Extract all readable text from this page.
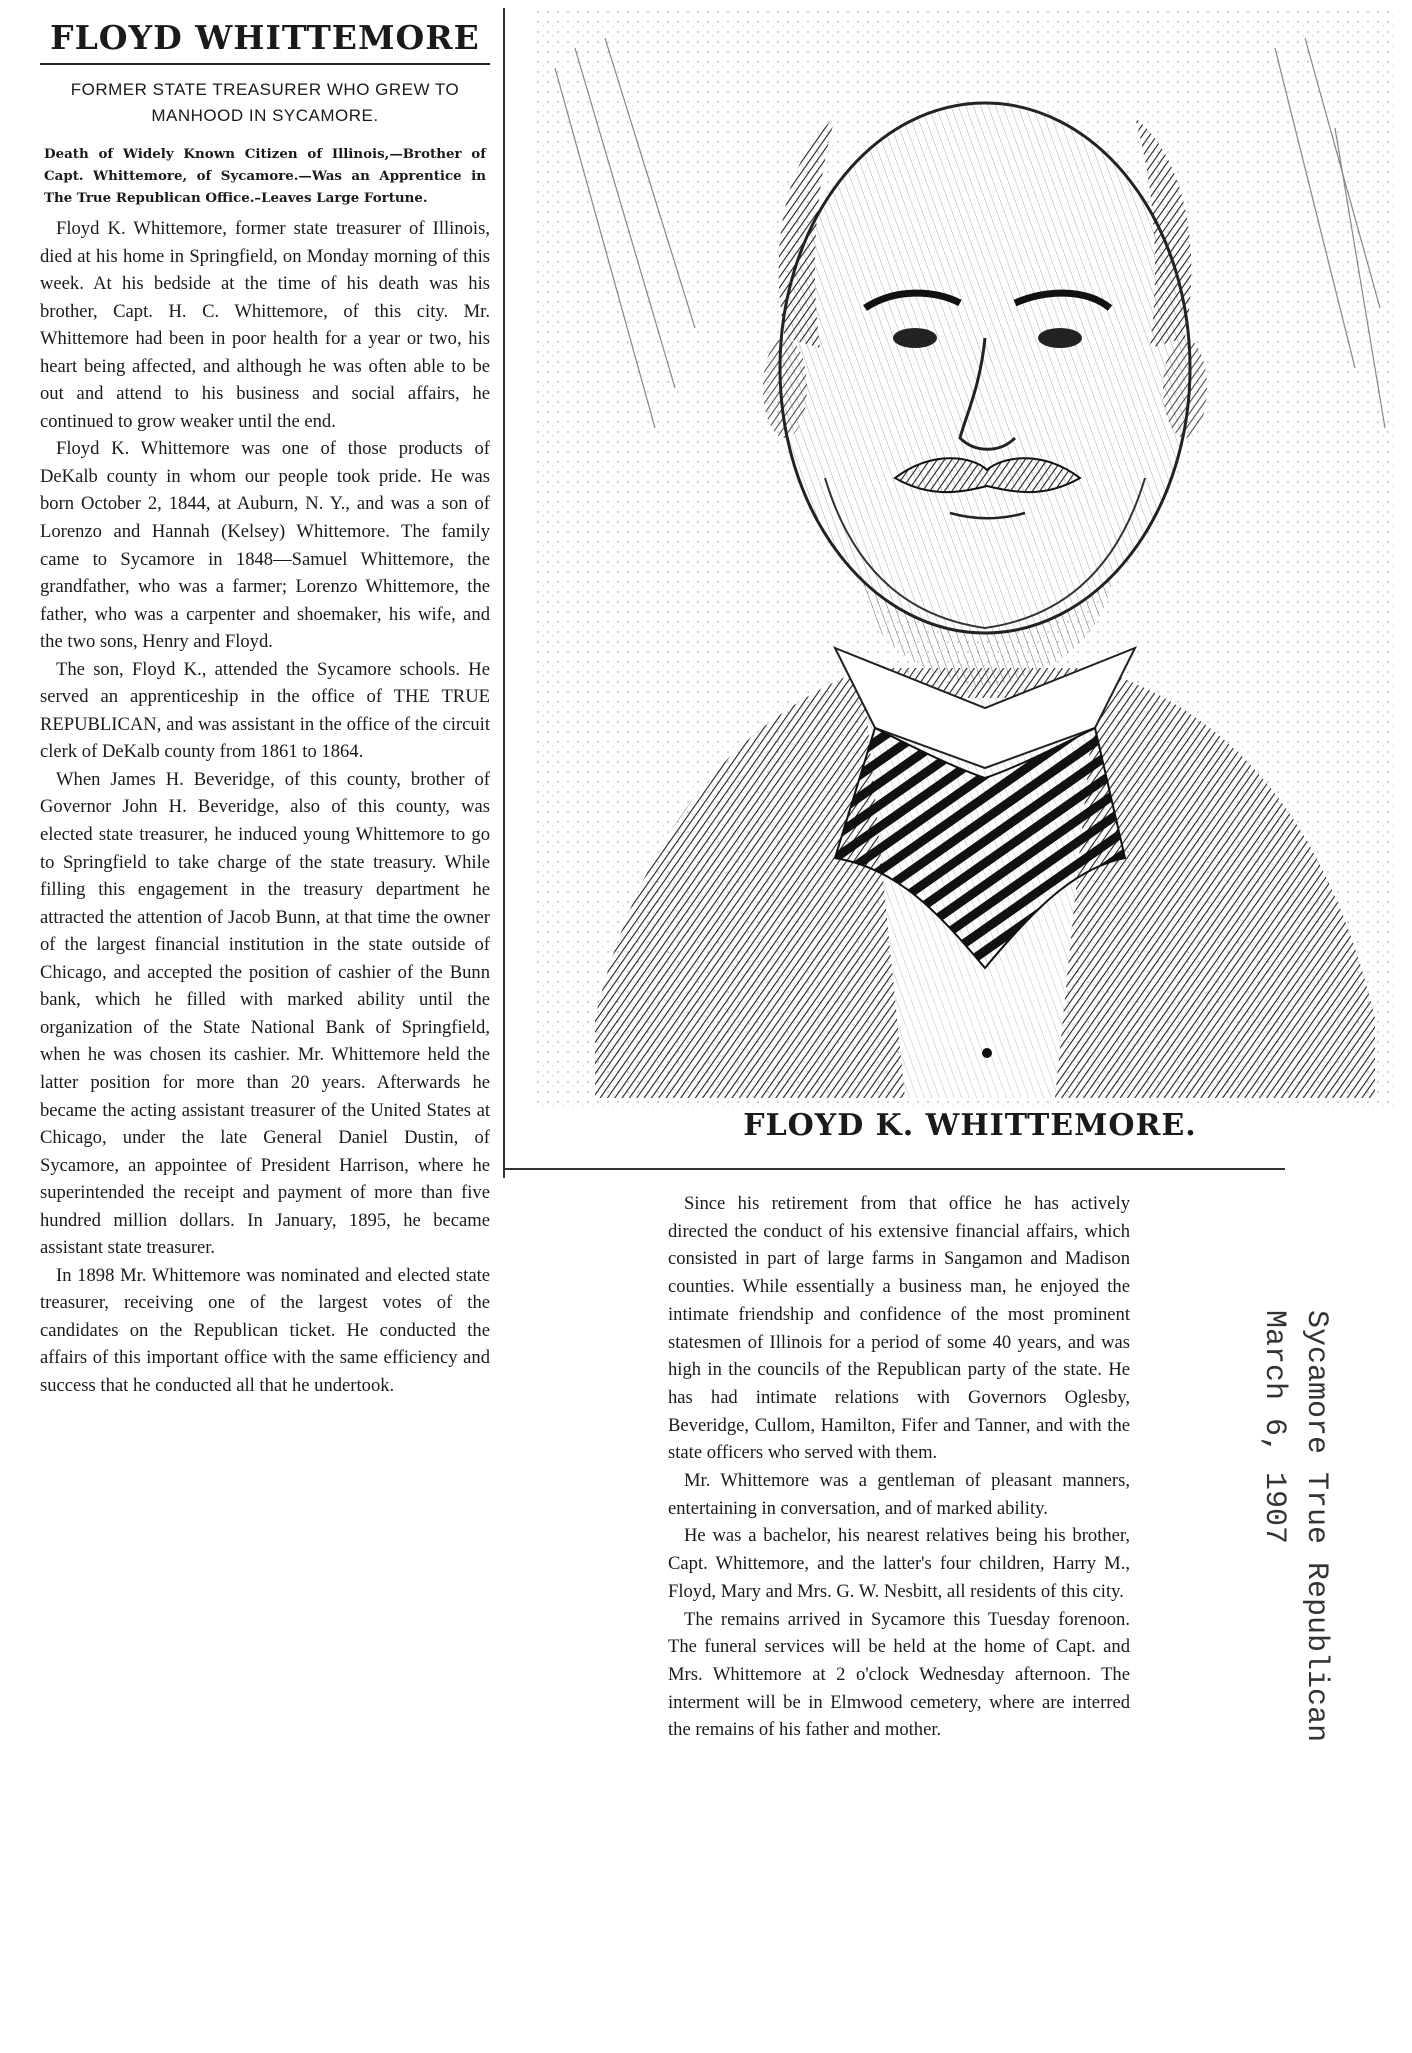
FLOYD WHITTEMORE
FORMER STATE TREASURER WHO GREW TO MANHOOD IN SYCAMORE.
Death of Widely Known Citizen of Illinois,—Brother of Capt. Whittemore, of Sycamore.—Was an Apprentice in The True Republican Office.–Leaves Large Fortune.

Floyd K. Whittemore, former state treasurer of Illinois, died at his home in Springfield, on Monday morning of this week. At his bedside at the time of his death was his brother, Capt. H. C. Whittemore, of this city. Mr. Whittemore had been in poor health for a year or two, his heart being affected, and although he was often able to be out and attend to his business and social affairs, he continued to grow weaker until the end.

Floyd K. Whittemore was one of those products of DeKalb county in whom our people took pride. He was born October 2, 1844, at Auburn, N. Y., and was a son of Lorenzo and Hannah (Kelsey) Whittemore. The family came to Sycamore in 1848—Samuel Whittemore, the grandfather, who was a farmer; Lorenzo Whittemore, the father, who was a carpenter and shoemaker, his wife, and the two sons, Henry and Floyd.

The son, Floyd K., attended the Sycamore schools. He served an apprenticeship in the office of THE TRUE REPUBLICAN, and was assistant in the office of the circuit clerk of DeKalb county from 1861 to 1864.

When James H. Beveridge, of this county, brother of Governor John H. Beveridge, also of this county, was elected state treasurer, he induced young Whittemore to go to Springfield to take charge of the state treasury. While filling this engagement in the treasury department he attracted the attention of Jacob Bunn, at that time the owner of the largest financial institution in the state outside of Chicago, and accepted the position of cashier of the Bunn bank, which he filled with marked ability until the organization of the State National Bank of Springfield, when he was chosen its cashier. Mr. Whittemore held the latter position for more than 20 years. Afterwards he became the acting assistant treasurer of the United States at Chicago, under the late General Daniel Dustin, of Sycamore, an appointee of President Harrison, where he superintended the receipt and payment of more than five hundred million dollars. In January, 1895, he became assistant state treasurer.

In 1898 Mr. Whittemore was nominated and elected state treasurer, receiving one of the largest votes of the candidates on the Republican ticket. He conducted the affairs of this important office with the same efficiency and success that he conducted all that he undertook.

FLOYD K. WHITTEMORE.

Since his retirement from that office he has actively directed the conduct of his extensive financial affairs, which consisted in part of large farms in Sangamon and Madison counties. While essentially a business man, he enjoyed the intimate friendship and confidence of the most prominent statesmen of Illinois for a period of some 40 years, and was high in the councils of the Republican party of the state. He has had intimate relations with Governors Oglesby, Beveridge, Cullom, Hamilton, Fifer and Tanner, and with the state officers who served with them.

Mr. Whittemore was a gentleman of pleasant manners, entertaining in conversation, and of marked ability.

He was a bachelor, his nearest relatives being his brother, Capt. Whittemore, and the latter's four children, Harry M., Floyd, Mary and Mrs. G. W. Nesbitt, all residents of this city.

The remains arrived in Sycamore this Tuesday forenoon. The funeral services will be held at the home of Capt. and Mrs. Whittemore at 2 o'clock Wednesday afternoon. The interment will be in Elmwood cemetery, where are interred the remains of his father and mother.	Sycamore True Republican
March 6, 1907
